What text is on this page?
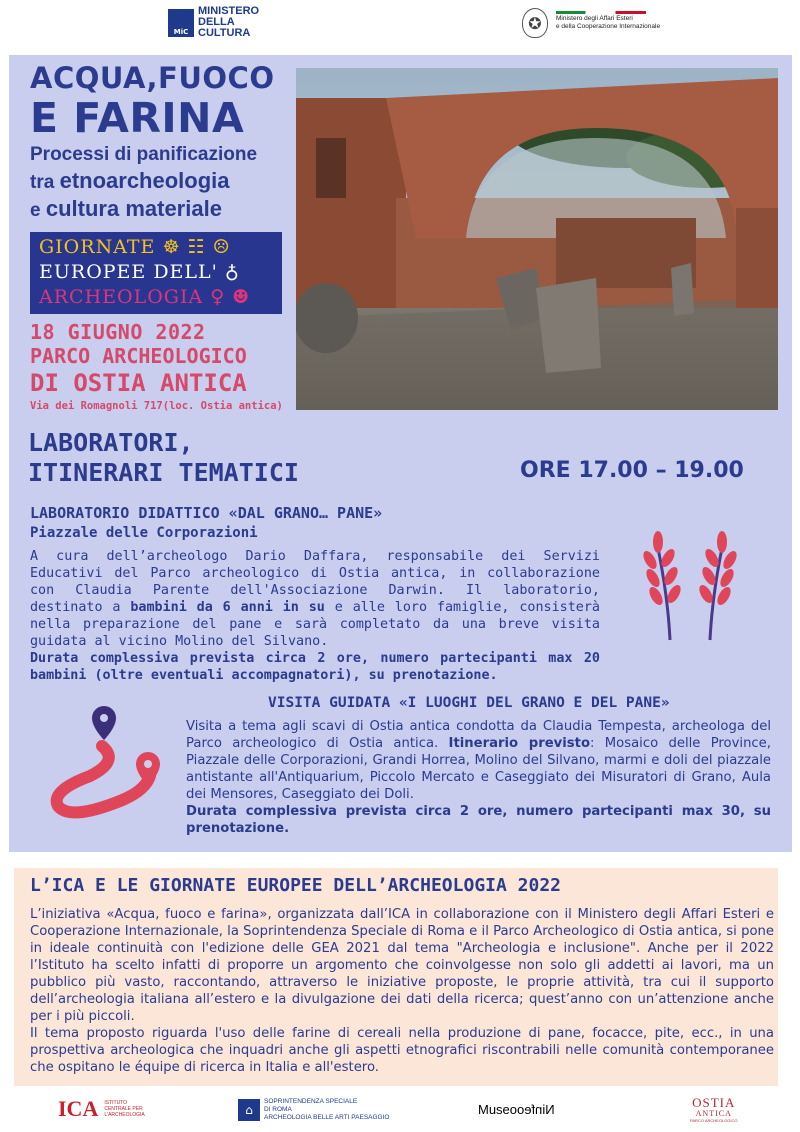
MiC
MINISTERO
DELLA
CULTURA
✪	Ministero degli Affari Esteri
e della Cooperazione Internazionale
ACQUA,FUOCO
E FARINA
Processi di panificazione
tra etnoarcheologia
e cultura materiale
GIORNATE ☸ ☷ ☹
EUROPEE DELL' ♁
ARCHEOLOGIA ♀ ☻
18 GIUGNO 2022
PARCO ARCHEOLOGICO
DI OSTIA ANTICA
Via dei Romagnoli 717(loc. Ostia antica)
LABORATORI,
ITINERARI TEMATICI	ORE 17.00 – 19.00
LABORATORIO DIDATTICO «DAL GRANO… PANE»
Piazzale delle Corporazioni
A cura dell’archeologo Dario Daffara, responsabile dei Servizi Educativi del Parco archeologico di Ostia antica, in collaborazione con Claudia Parente dell'Associazione Darwin. Il laboratorio, destinato a bambini da 6 anni in su e alle loro famiglie, consisterà nella preparazione del pane e sarà completato da una breve visita guidata al vicino Molino del Silvano.
Durata complessiva prevista circa 2 ore, numero partecipanti max 20 bambini (oltre eventuali accompagnatori), su prenotazione.
VISITA GUIDATA «I LUOGHI DEL GRANO E DEL PANE»
Visita a tema agli scavi di Ostia antica condotta da Claudia Tempesta, archeologa del Parco archeologico di Ostia antica. Itinerario previsto: Mosaico delle Province, Piazzale delle Corporazioni, Grandi Horrea, Molino del Silvano, marmi e doli del piazzale antistante all'Antiquarium, Piccolo Mercato e Caseggiato dei Misuratori di Grano, Aula dei Mensores, Caseggiato dei Doli.
Durata complessiva prevista circa 2 ore, numero partecipanti max 30, su prenotazione.
L’ICA E LE GIORNATE EUROPEE DELL’ARCHEOLOGIA 2022

L’iniziativa «Acqua, fuoco e farina», organizzata dall’ICA in collaborazione con il Ministero degli Affari Esteri e Cooperazione Internazionale, la Soprintendenza Speciale di Roma e il Parco Archeologico di Ostia antica, si pone in ideale continuità con l'edizione delle GEA 2021 dal tema "Archeologia e inclusione". Anche per il 2022 l’Istituto ha scelto infatti di proporre un argomento che coinvolgesse non solo gli addetti ai lavori, ma un pubblico più vasto, raccontando, attraverso le iniziative proposte, le proprie attività, tra cui il supporto dell’archeologia italiana all’estero e la divulgazione dei dati della ricerca; quest’anno con un’attenzione anche per i più piccoli.

Il tema proposto riguarda l'uso delle farine di cereali nella produzione di pane, focacce, pite, ecc., in una prospettiva archeologica che inquadri anche gli aspetti etnografici riscontrabili nelle comunità contemporanee che ospitano le équipe di ricerca in Italia e all'estero.

ICA ISTITUTO
CENTRALE PER
L'ARCHEOLOGIA	⌂
SOPRINTENDENZA SPECIALE
DI ROMA
ARCHEOLOGIA BELLE ARTI PAESAGGIO
MuseoNinfeo	OSTIA
ANTICA
PARCO ARCHEOLOGICO
